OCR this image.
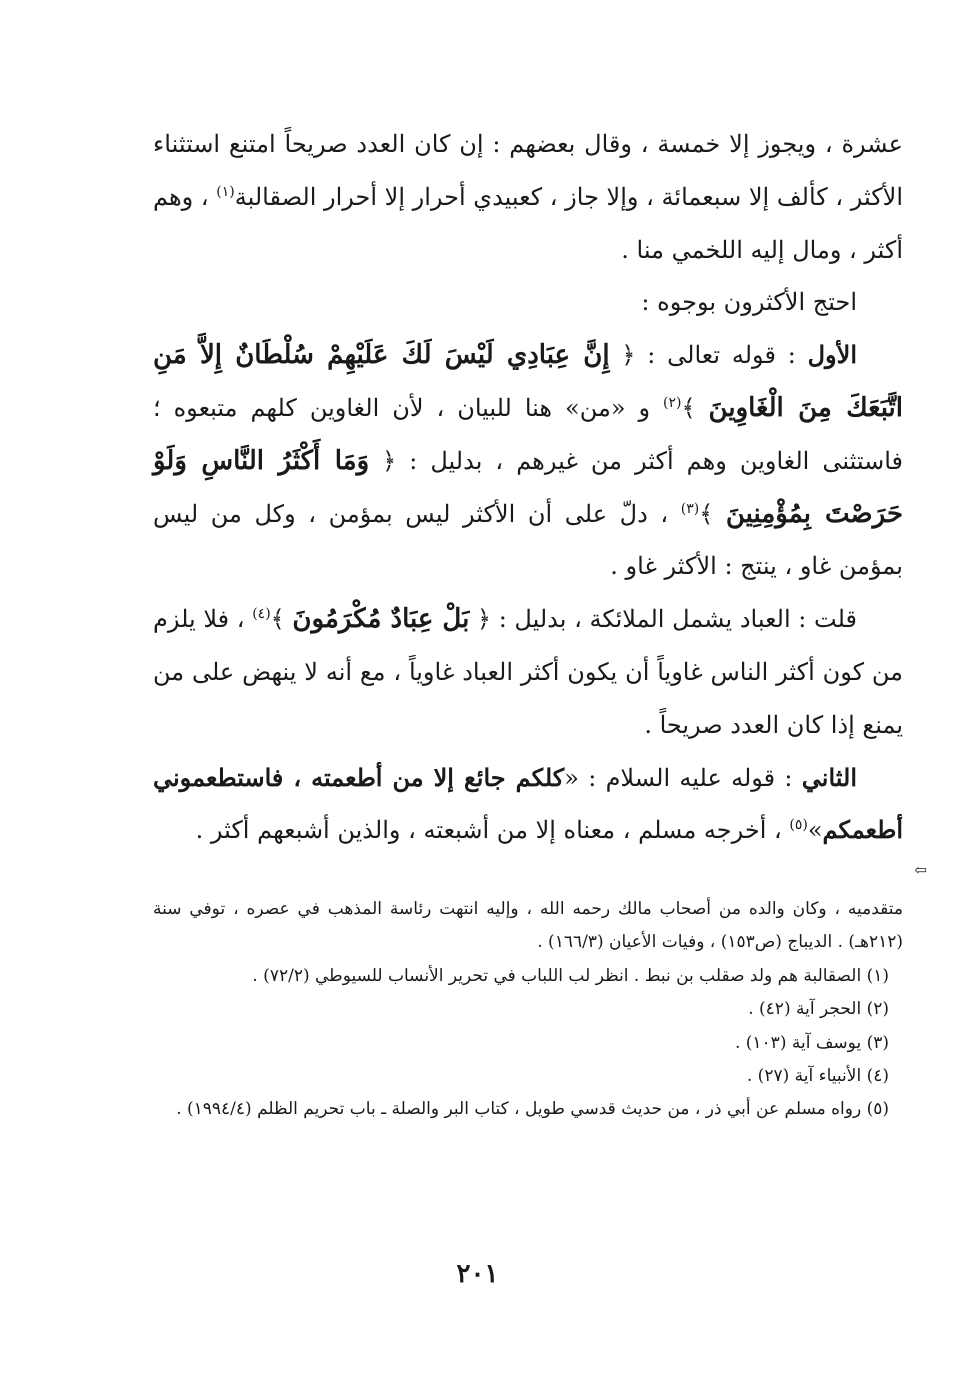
عشرة ، ويجوز إلا خمسة ، وقال بعضهم : إن كان العدد صريحاً امتنع استثناء الأكثر ، كألف إلا سبعمائة ، وإلا جاز ، كعبيدي أحرار إلا أحرار الصقالبة$^{(١)}$ ، وهم أكثر ، ومال إليه اللخمي منا .

احتج الأكثرون بوجوه :

الأول : قوله تعالى : ﴿ إِنَّ عِبَادِي لَيْسَ لَكَ عَلَيْهِمْ سُلْطَانٌ إِلاَّ مَنِ اتَّبَعَكَ مِنَ الْغَاوِينَ ﴾$^{(٢)}$ و «من» هنا للبيان ، لأن الغاوين كلهم متبعوه ؛ فاستثنى الغاوين وهم أكثر من غيرهم ، بدليل : ﴿ وَمَا أَكْثَرُ النَّاسِ وَلَوْ حَرَصْتَ بِمُؤْمِنِينَ ﴾$^{(٣)}$ ، دلّ على أن الأكثر ليس بمؤمن ، وكل من ليس بمؤمن غاو ، ينتج : الأكثر غاو .

قلت : العباد يشمل الملائكة ، بدليل : ﴿ بَلْ عِبَادٌ مُكْرَمُونَ ﴾$^{(٤)}$ ، فلا يلزم من كون أكثر الناس غاوياً أن يكون أكثر العباد غاوياً ، مع أنه لا ينهض على من يمنع إذا كان العدد صريحاً .

الثاني : قوله عليه السلام : «كلكم جائع إلا من أطعمته ، فاستطعموني أطعمكم»$^{(٥)}$ ، أخرجه مسلم ، معناه إلا من أشبعته ، والذين أشبعهم أكثر .

⇦

متقدميه ، وكان والده من أصحاب مالك رحمه الله ، وإليه انتهت رئاسة المذهب في عصره ، توفي سنة (٢١٢هـ) . الديباج (ص١٥٣) ، وفيات الأعيان (١٦٦/٣) .

(١) الصقالبة هم ولد صقلب بن نبط . انظر لب اللباب في تحرير الأنساب للسيوطي (٧٢/٢) .

(٢) الحجر آية (٤٢) .

(٣) يوسف آية (١٠٣) .

(٤) الأنبياء آية (٢٧) .

(٥) رواه مسلم عن أبي ذر ، من حديث قدسي طويل ، كتاب البر والصلة ـ باب تحريم الظلم (١٩٩٤/٤) .

٢٠١
